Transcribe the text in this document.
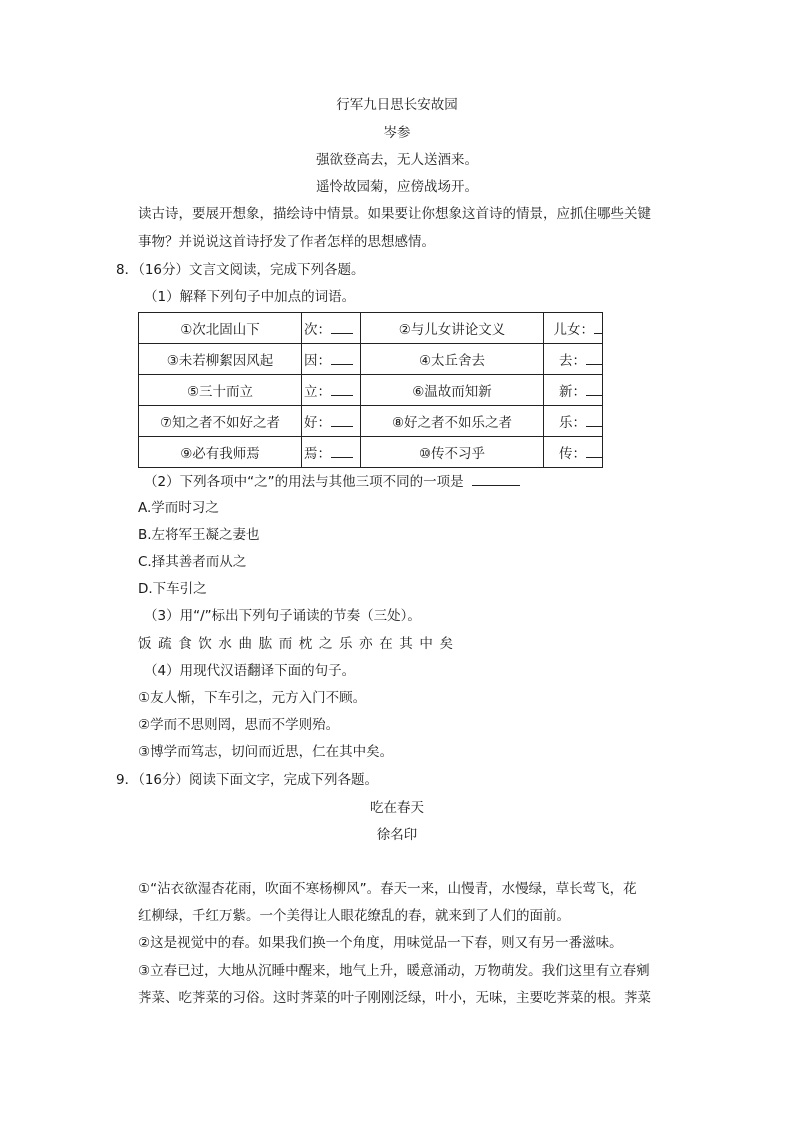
行军九日思长安故园
岑参
强欲登高去，无人送酒来。
遥怜故园菊，应傍战场开。
读古诗，要展开想象，描绘诗中情景。如果要让你想象这首诗的情景，应抓住哪些关键
事物？并说说这首诗抒发了作者怎样的思想感情。
8．（16分）文言文阅读，完成下列各题。
（1）解释下列句子中加点的词语。
①次北固山下	次：	②与儿女讲论文义	儿女：
③未若柳絮因风起	因：	④太丘舍去	去：
⑤三十而立	立：	⑥温故而知新	新：
⑦知之者不如好之者	好：	⑧好之者不如乐之者	乐：
⑨必有我师焉	焉：	⑩传不习乎	传：
（2）下列各项中“之”的用法与其他三项不同的一项是
A.学而时习之
B.左将军王凝之妻也
C.择其善者而从之
D.下车引之
（3）用“/”标出下列句子诵读的节奏（三处）。
饭疏食饮水曲肱而枕之乐亦在其中矣
（4）用现代汉语翻译下面的句子。
①友人惭，下车引之，元方入门不顾。
②学而不思则罔，思而不学则殆。
③博学而笃志，切问而近思，仁在其中矣。
9．（16分）阅读下面文字，完成下列各题。
吃在春天
徐名印
①“沾衣欲湿杏花雨，吹面不寒杨柳风”。春天一来，山慢青，水慢绿，草长莺飞，花
红柳绿，千红万紫。一个美得让人眼花缭乱的春，就来到了人们的面前。
②这是视觉中的春。如果我们换一个角度，用味觉品一下春，则又有另一番滋味。
③立春已过，大地从沉睡中醒来，地气上升，暖意涌动，万物萌发。我们这里有立春剜
荠菜、吃荠菜的习俗。这时荠菜的叶子刚刚泛绿，叶小，无味，主要吃荠菜的根。荠菜
